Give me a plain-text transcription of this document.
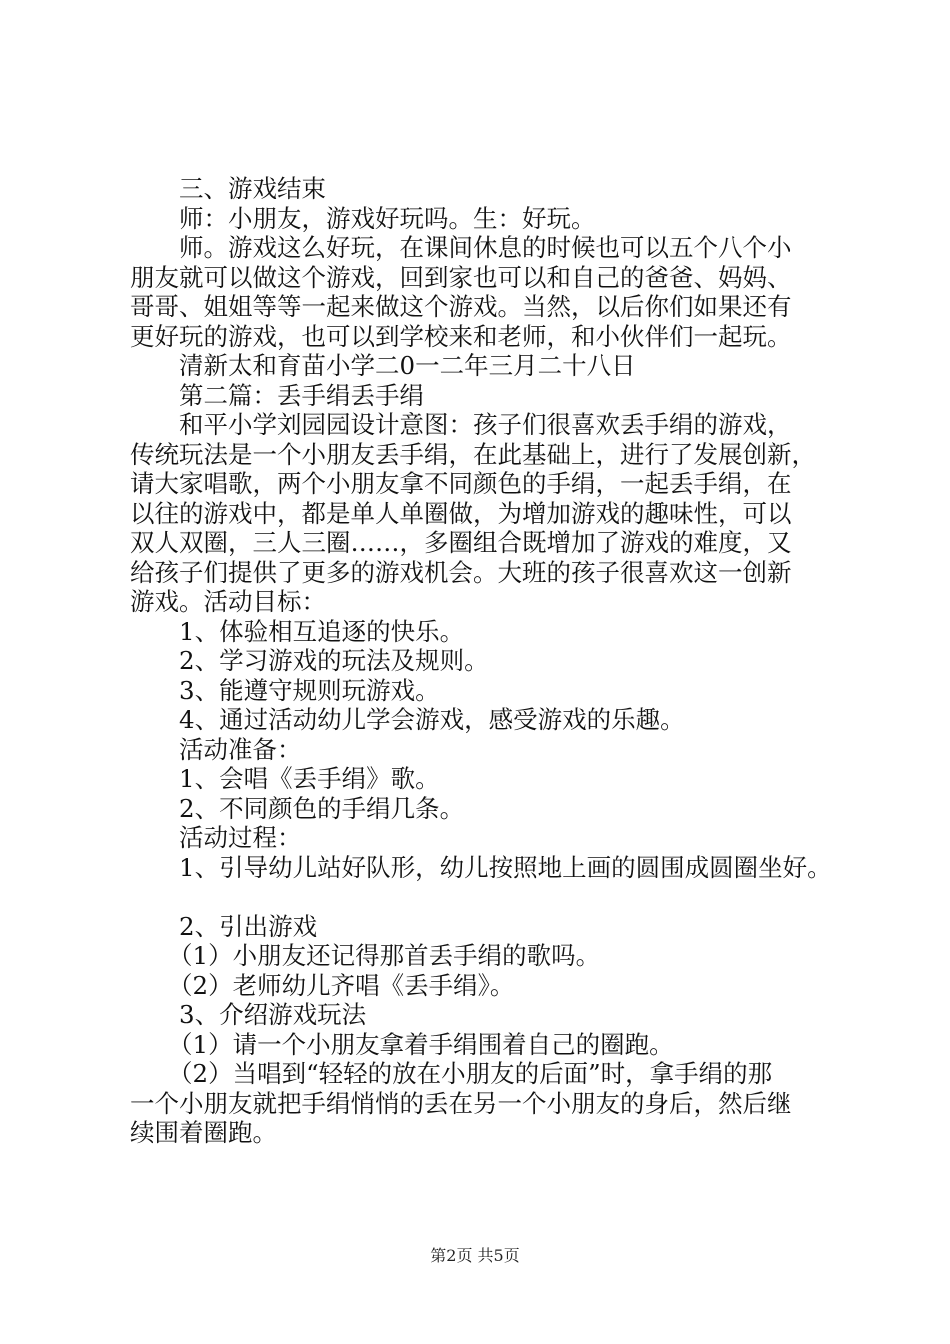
三、游戏结束
师：小朋友，游戏好玩吗。生：好玩。
师。游戏这么好玩，在课间休息的时候也可以五个八个小
朋友就可以做这个游戏，回到家也可以和自己的爸爸、妈妈、
哥哥、姐姐等等一起来做这个游戏。当然，以后你们如果还有
更好玩的游戏，也可以到学校来和老师，和小伙伴们一起玩。
清新太和育苗小学二0一二年三月二十八日
第二篇：丢手绢丢手绢
和平小学刘园园设计意图：孩子们很喜欢丢手绢的游戏，
传统玩法是一个小朋友丢手绢，在此基础上，进行了发展创新，
请大家唱歌，两个小朋友拿不同颜色的手绢，一起丢手绢，在
以往的游戏中，都是单人单圈做，为增加游戏的趣味性，可以
双人双圈，三人三圈……，多圈组合既增加了游戏的难度，又
给孩子们提供了更多的游戏机会。大班的孩子很喜欢这一创新
游戏。活动目标：
1、体验相互追逐的快乐。
2、学习游戏的玩法及规则。
3、能遵守规则玩游戏。
4、通过活动幼儿学会游戏，感受游戏的乐趣。
活动准备：
1、会唱《丢手绢》歌。
2、不同颜色的手绢几条。
活动过程：
1、引导幼儿站好队形，幼儿按照地上画的圆围成圆圈坐好。
2、引出游戏
（1）小朋友还记得那首丢手绢的歌吗。
（2）老师幼儿齐唱《丢手绢》。
3、介绍游戏玩法
（1）请一个小朋友拿着手绢围着自己的圈跑。
（2）当唱到“轻轻的放在小朋友的后面”时，拿手绢的那
一个小朋友就把手绢悄悄的丢在另一个小朋友的身后，然后继
续围着圈跑。
第2页 共5页
